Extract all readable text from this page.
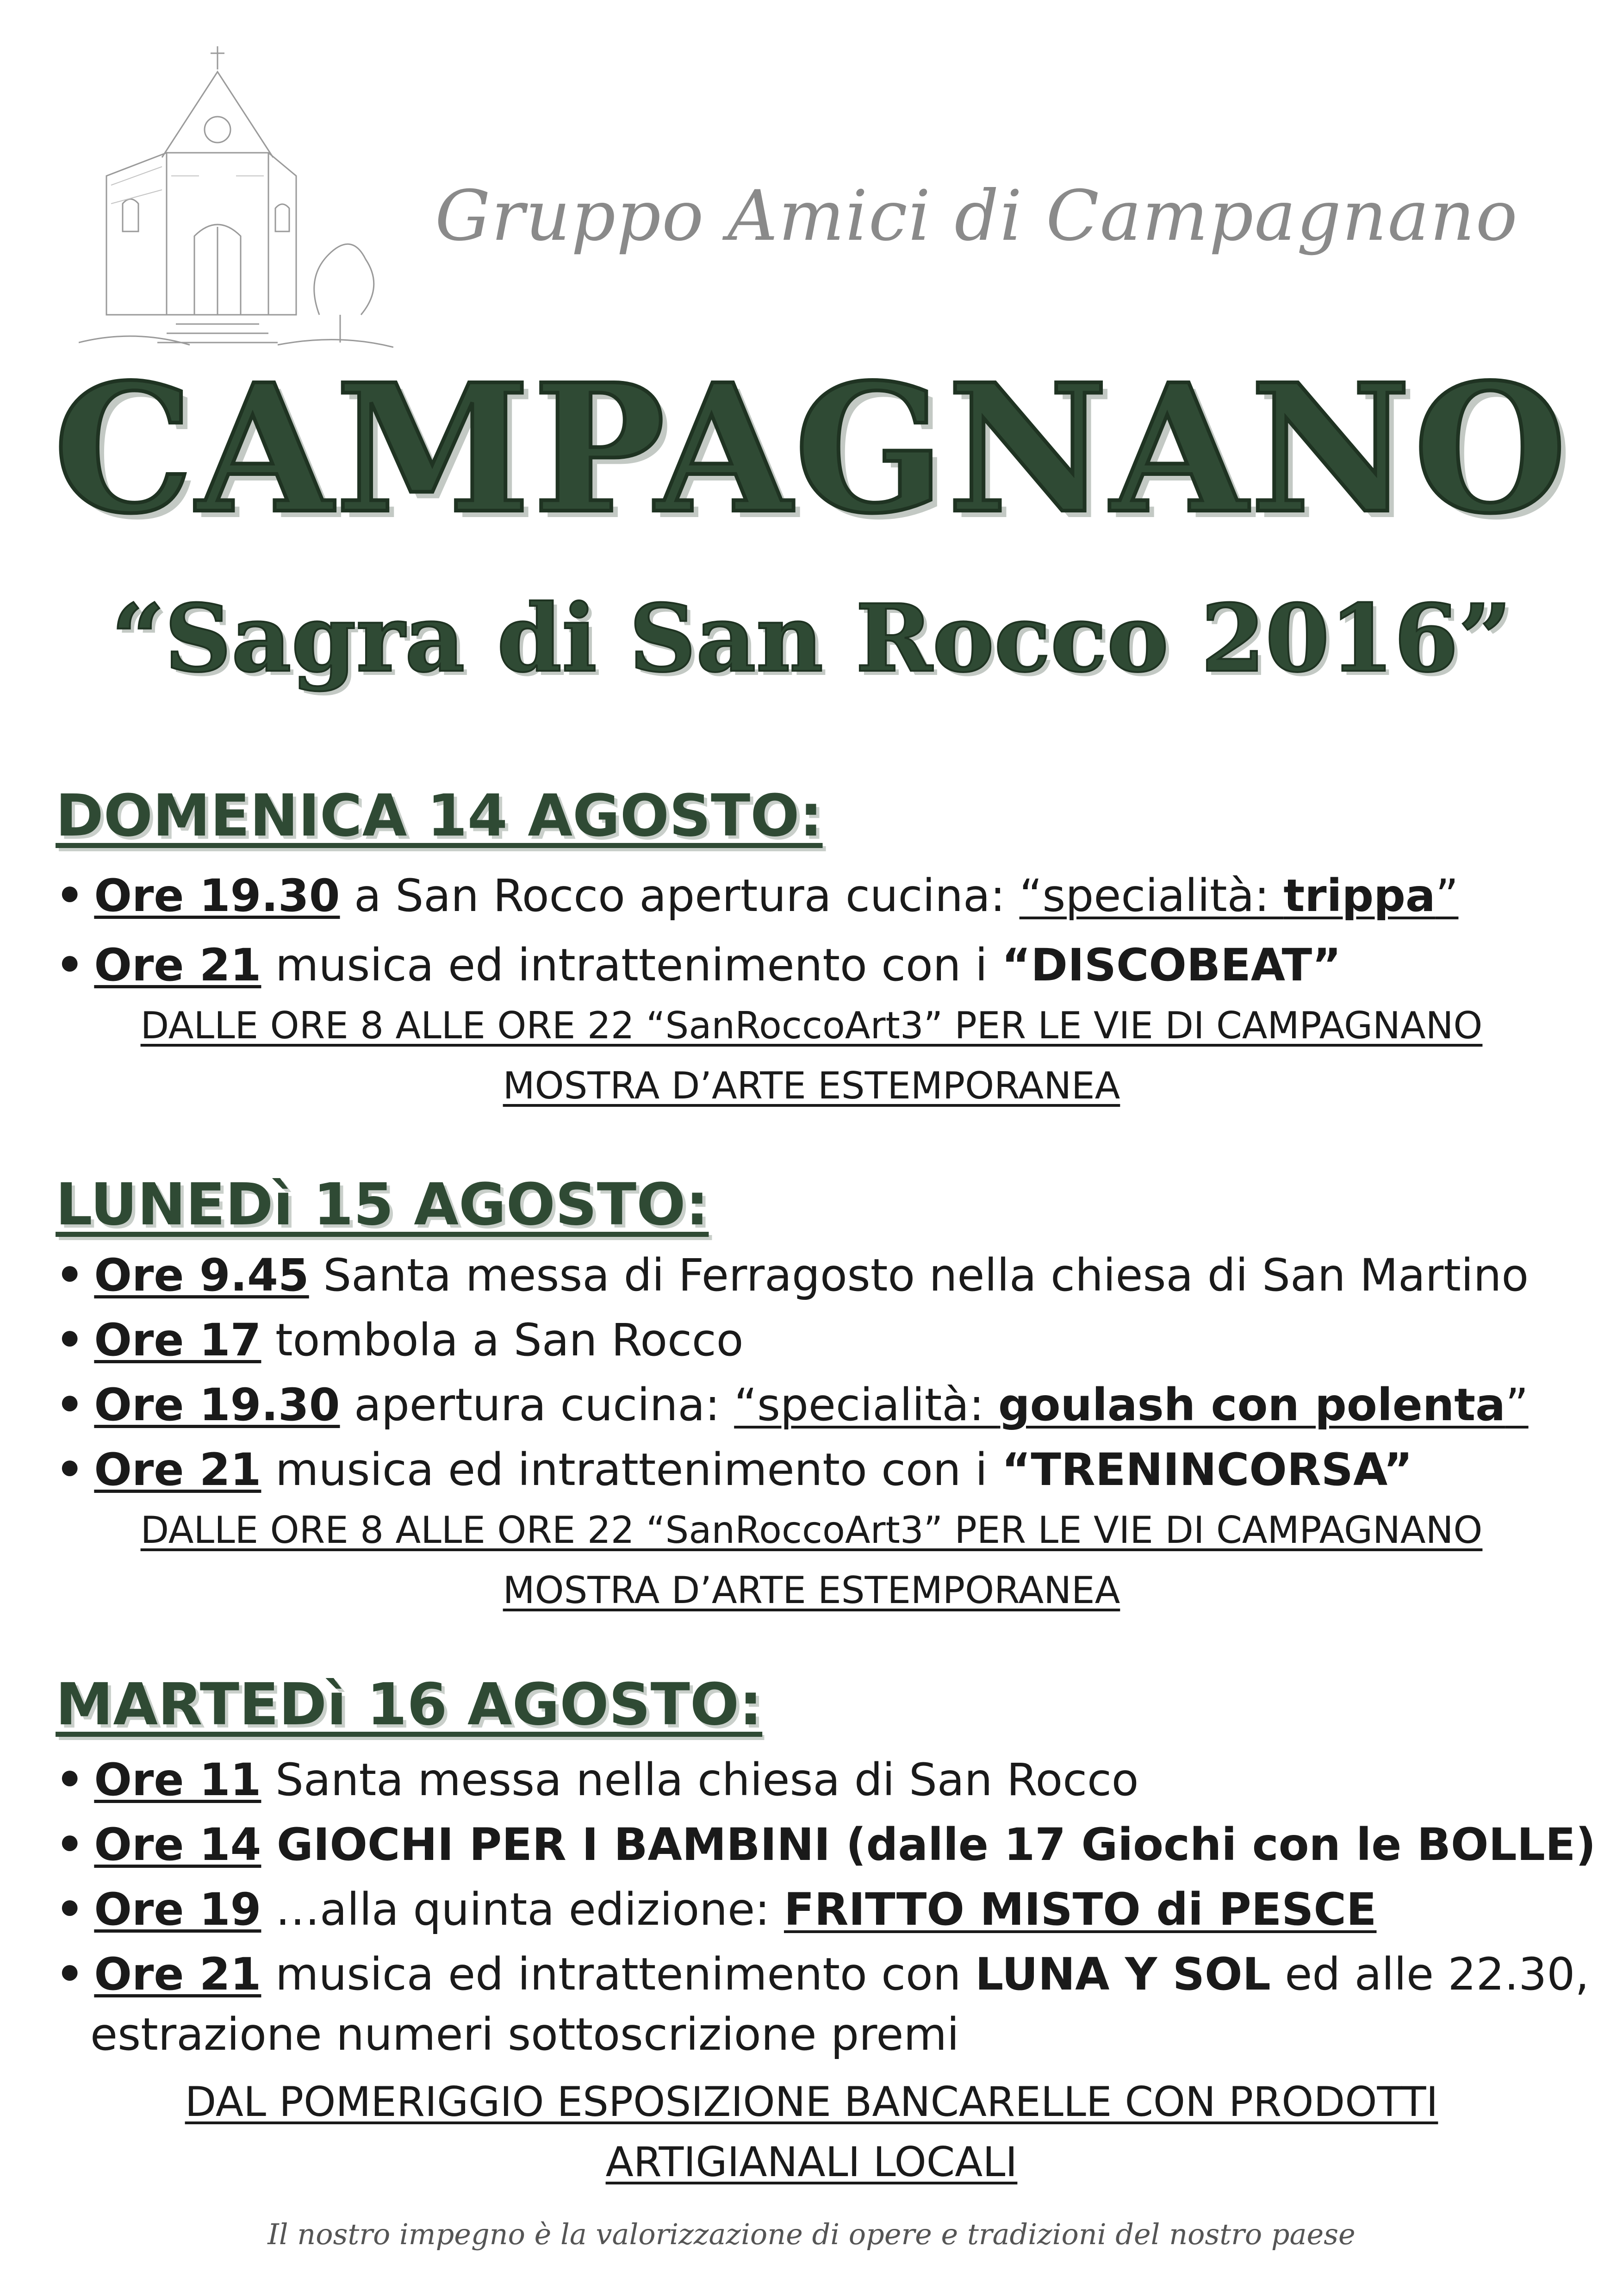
Gruppo Amici di Campagnano
CAMPAGNANO
“Sagra di San Rocco 2016”
DOMENICA 14 AGOSTO:
• Ore 19.30 a San Rocco apertura cucina: “specialità: trippa”
• Ore 21 musica ed intrattenimento con i “DISCOBEAT”
DALLE ORE 8 ALLE ORE 22 “SanRoccoArt3” PER LE VIE DI CAMPAGNANO
MOSTRA D’ARTE ESTEMPORANEA
LUNEDì 15 AGOSTO:
• Ore 9.45 Santa messa di Ferragosto nella chiesa di San Martino
• Ore 17 tombola a San Rocco
• Ore 19.30 apertura cucina: “specialità: goulash con polenta”
• Ore 21 musica ed intrattenimento con i “TRENINCORSA”
DALLE ORE 8 ALLE ORE 22 “SanRoccoArt3” PER LE VIE DI CAMPAGNANO
MOSTRA D’ARTE ESTEMPORANEA
MARTEDì 16 AGOSTO:
• Ore 11 Santa messa nella chiesa di San Rocco
• Ore 14 GIOCHI PER I BAMBINI (dalle 17 Giochi con le BOLLE)
• Ore 19 …alla quinta edizione: FRITTO MISTO di PESCE
• Ore 21 musica ed intrattenimento con LUNA Y SOL ed alle 22.30,
estrazione numeri sottoscrizione premi
DAL POMERIGGIO ESPOSIZIONE BANCARELLE CON PRODOTTI
ARTIGIANALI LOCALI
Il nostro impegno è la valorizzazione di opere e tradizioni del nostro paese
